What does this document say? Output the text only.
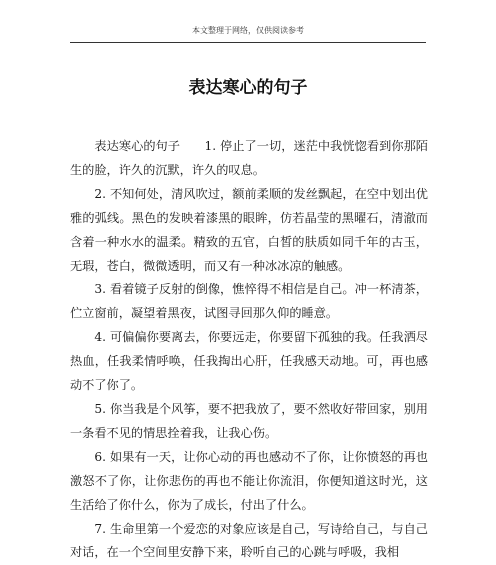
本文整理于网络，仅供阅读参考
表达寒心的句子

表达寒心的句子　　1. 停止了一切，迷茫中我恍惚看到你那陌生的脸，许久的沉默，许久的叹息。

2. 不知何处，清风吹过，额前柔顺的发丝飘起，在空中划出优雅的弧线。黑色的发映着漆黑的眼眸，仿若晶莹的黑曜石，清澈而含着一种水水的温柔。精致的五官，白皙的肤质如同千年的古玉，无瑕，苍白，微微透明，而又有一种冰冰凉的触感。

3. 看着镜子反射的倒像，憔悴得不相信是自己。冲一杯清茶，伫立窗前，凝望着黑夜，试图寻回那久仰的睡意。

4. 可偏偏你要离去，你要远走，你要留下孤独的我。任我洒尽热血，任我柔情呼唤，任我掏出心肝，任我感天动地。可，再也感动不了你了。

5. 你当我是个风筝，要不把我放了，要不然收好带回家，别用一条看不见的情思拴着我，让我心伤。

6. 如果有一天，让你心动的再也感动不了你，让你愤怒的再也激怒不了你，让你悲伤的再也不能让你流泪，你便知道这时光，这生活给了你什么，你为了成长，付出了什么。

7. 生命里第一个爱恋的对象应该是自己，写诗给自己，与自己对话，在一个空间里安静下来，聆听自己的心跳与呼吸，我相
